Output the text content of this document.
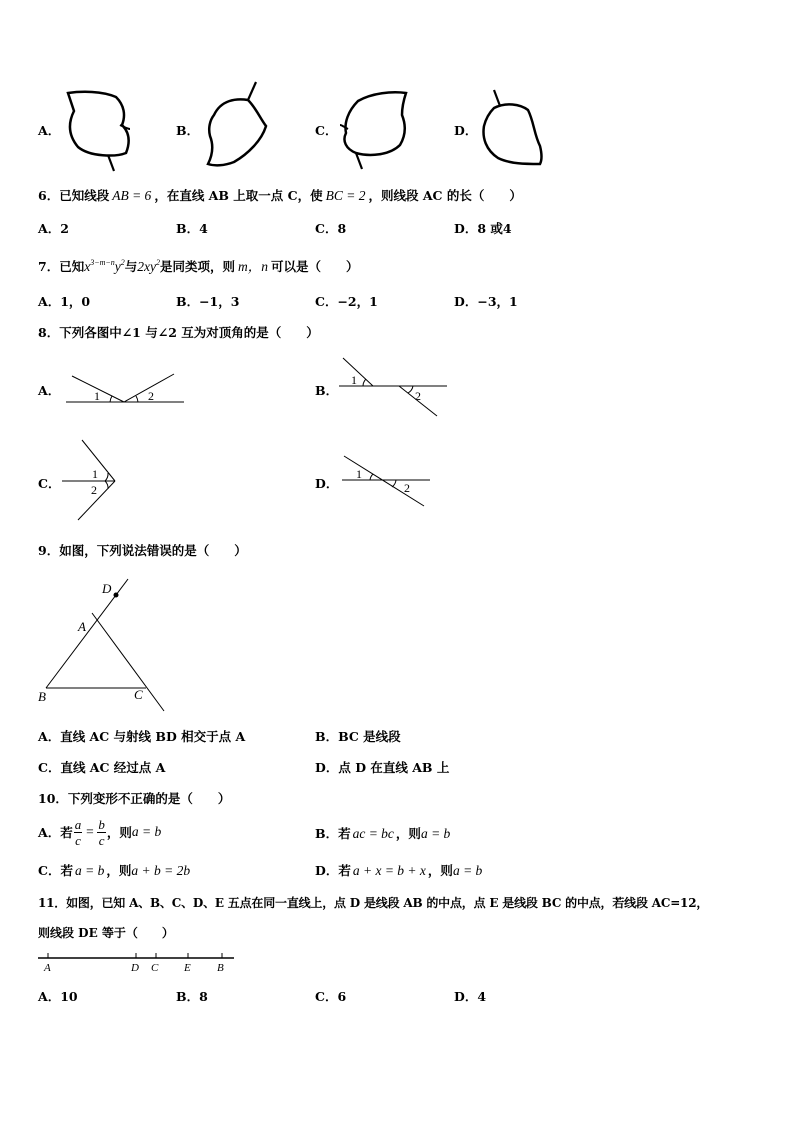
A．	B．	C．	D．
6．已知线段 AB = 6 ，在直线 AB 上取一点 C，使 BC = 2 ，则线段 AC 的长（　　）
A．2	B．4	C．8	D．8 或4
7．已知$x^{3-m-n}y^2$与$2xy^2$是同类项，则 m，n 可以是（　　）
A．1，0	B．−1，3	C．−2，1	D．−3，1
8．下列各图中∠1 与∠2 互为对顶角的是（　　）
A．	1	2	B．
1
2
C．
1
2	D．
1
2
9．如图，下列说法错误的是（　　）
D
A
B	C
A．直线 AC 与射线 BD 相交于点 A	B．BC 是线段
C．直线 AC 经过点 A	D．点 D 在直线 AB 上
10．下列变形不正确的是（　　）
A．若 $\frac{a}{c} = \frac{b}{c}$ ，则 a = b	B．若 ac = bc ，则a = b
C．若 a = b ，则a + b = 2b	D．若 a + x = b + x ，则a = b
11．如图，已知 A、B、C、D、E 五点在同一直线上，点 D 是线段 AB 的中点，点 E 是线段 BC 的中点，若线段 AC=12，
则线段 DE 等于（　　）
A	D C E B
A．10	B．8	C．6	D．4
